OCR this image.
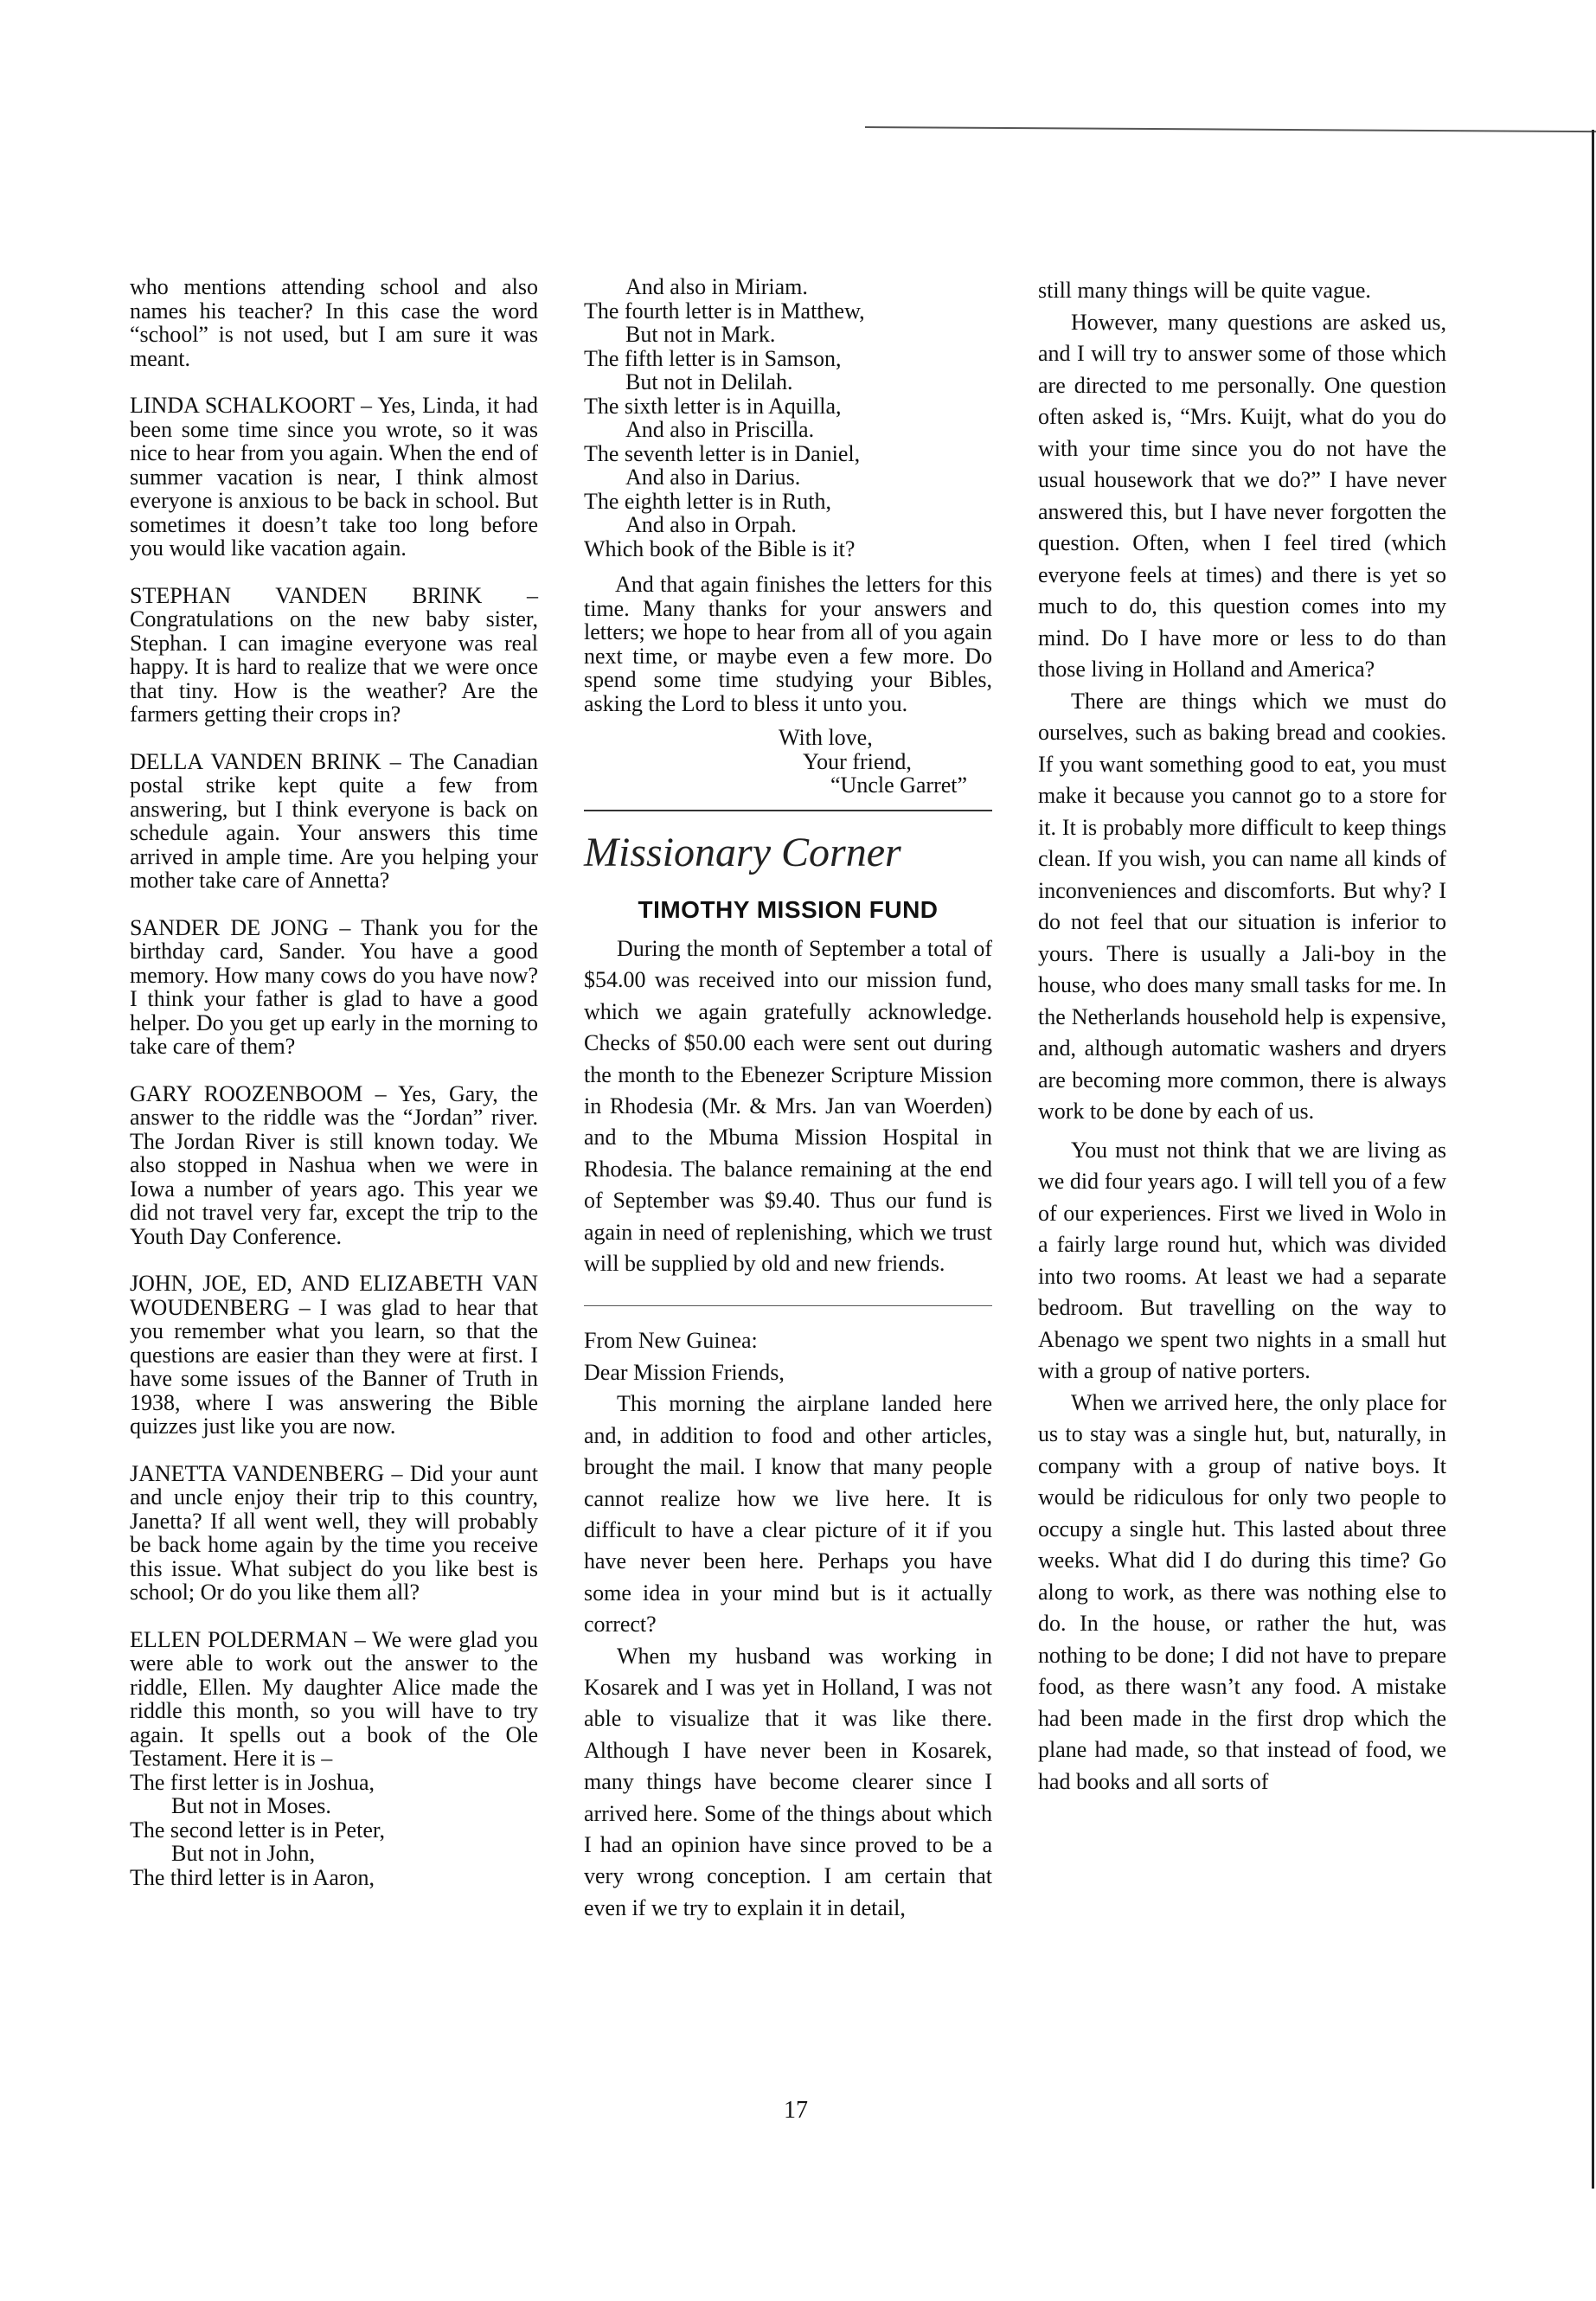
who mentions attending school and also names his teacher? In this case the word “school” is not used, but I am sure it was meant.

LINDA SCHALKOORT – Yes, Linda, it had been some time since you wrote, so it was nice to hear from you again. When the end of summer vacation is near, I think almost everyone is anxious to be back in school. But sometimes it doesn’t take too long before you would like vacation again.

STEPHAN VANDEN BRINK – Congratulations on the new baby sister, Stephan. I can imagine everyone was real happy. It is hard to realize that we were once that tiny. How is the weather? Are the farmers getting their crops in?

DELLA VANDEN BRINK – The Canadian postal strike kept quite a few from answering, but I think everyone is back on schedule again. Your answers this time arrived in ample time. Are you helping your mother take care of Annetta?

SANDER DE JONG – Thank you for the birthday card, Sander. You have a good memory. How many cows do you have now? I think your father is glad to have a good helper. Do you get up early in the morning to take care of them?

GARY ROOZENBOOM – Yes, Gary, the answer to the riddle was the “Jordan” river. The Jordan River is still known today. We also stopped in Nashua when we were in Iowa a number of years ago. This year we did not travel very far, except the trip to the Youth Day Conference.

JOHN, JOE, ED, AND ELIZABETH VAN WOUDENBERG – I was glad to hear that you remember what you learn, so that the questions are easier than they were at first. I have some issues of the Banner of Truth in 1938, where I was answering the Bible quizzes just like you are now.

JANETTA VANDENBERG – Did your aunt and uncle enjoy their trip to this country, Janetta? If all went well, they will probably be back home again by the time you receive this issue. What subject do you like best is school; Or do you like them all?

ELLEN POLDERMAN – We were glad you were able to work out the answer to the riddle, Ellen. My daughter Alice made the riddle this month, so you will have to try again. It spells out a book of the Ole Testament. Here it is –

The first letter is in Joshua,
But not in Moses.
The second letter is in Peter,
But not in John,
The third letter is in Aaron,
And also in Miriam.
The fourth letter is in Matthew,
But not in Mark.
The fifth letter is in Samson,
But not in Delilah.
The sixth letter is in Aquilla,
And also in Priscilla.
The seventh letter is in Daniel,
And also in Darius.
The eighth letter is in Ruth,
And also in Orpah.
Which book of the Bible is it?

And that again finishes the letters for this time. Many thanks for your answers and letters; we hope to hear from all of you again next time, or maybe even a few more. Do spend some time studying your Bibles, asking the Lord to bless it unto you.

With love,
Your friend,
“Uncle Garret”
Missionary Corner
TIMOTHY MISSION FUND

During the month of September a total of $54.00 was received into our mission fund, which we again gratefully acknowledge. Checks of $50.00 each were sent out during the month to the Ebenezer Scripture Mission in Rhodesia (Mr. & Mrs. Jan van Woerden) and to the Mbuma Mission Hospital in Rhodesia. The balance remaining at the end of September was $9.40. Thus our fund is again in need of replenishing, which we trust will be supplied by old and new friends.

From New Guinea:

Dear Mission Friends,

This morning the airplane landed here and, in addition to food and other articles, brought the mail. I know that many people cannot realize how we live here. It is difficult to have a clear picture of it if you have never been here. Perhaps you have some idea in your mind but is it actually correct?

When my husband was working in Kosarek and I was yet in Holland, I was not able to visualize that it was like there. Although I have never been in Kosarek, many things have become clearer since I arrived here. Some of the things about which I had an opinion have since proved to be a very wrong conception. I am certain that even if we try to explain it in detail,

still many things will be quite vague.

However, many questions are asked us, and I will try to answer some of those which are directed to me personally. One question often asked is, “Mrs. Kuijt, what do you do with your time since you do not have the usual housework that we do?” I have never answered this, but I have never forgotten the question. Often, when I feel tired (which everyone feels at times) and there is yet so much to do, this question comes into my mind. Do I have more or less to do than those living in Holland and America?

There are things which we must do ourselves, such as baking bread and cookies. If you want something good to eat, you must make it because you cannot go to a store for it. It is probably more difficult to keep things clean. If you wish, you can name all kinds of inconveniences and discomforts. But why? I do not feel that our situation is inferior to yours. There is usually a Jali-boy in the house, who does many small tasks for me. In the Netherlands household help is expensive, and, although automatic washers and dryers are becoming more common, there is always work to be done by each of us.

You must not think that we are living as we did four years ago. I will tell you of a few of our experiences. First we lived in Wolo in a fairly large round hut, which was divided into two rooms. At least we had a separate bedroom. But travelling on the way to Abenago we spent two nights in a small hut with a group of native porters.

When we arrived here, the only place for us to stay was a single hut, but, naturally, in company with a group of native boys. It would be ridiculous for only two people to occupy a single hut. This lasted about three weeks. What did I do during this time? Go along to work, as there was nothing else to do. In the house, or rather the hut, was nothing to be done; I did not have to prepare food, as there wasn’t any food. A mistake had been made in the first drop which the plane had made, so that instead of food, we had books and all sorts of

17
